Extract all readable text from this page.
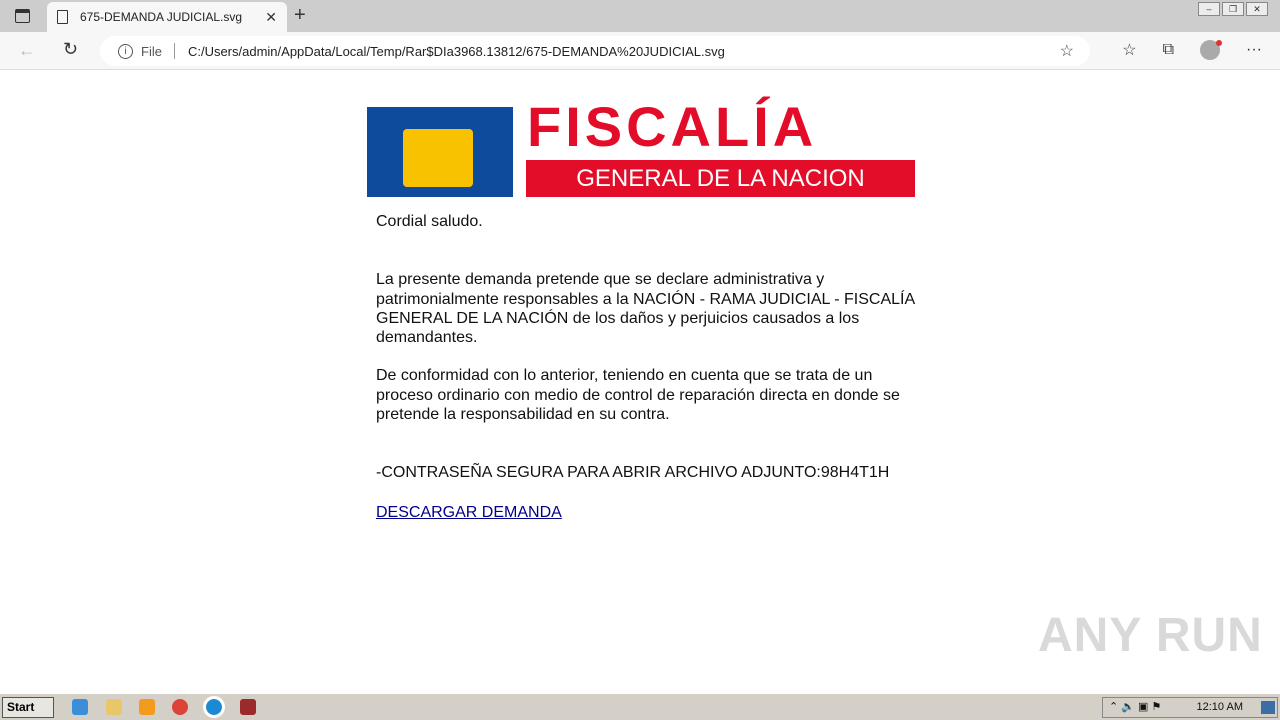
675-DEMANDA JUDICIAL.svg ✕ +	–	❐	✕
← ↻	i	File C:/Users/admin/AppData/Local/Temp/Rar$DIa3968.13812/675-DEMANDA%20JUDICIAL.svg	☆	☆ ⧉	···
FISCALÍA
GENERAL DE LA NACION

Cordial saludo.

La presente demanda pretende que se declare administrativa y patrimonialmente responsables a la NACIÓN - RAMA JUDICIAL - FISCALÍA GENERAL DE LA NACIÓN de los daños y perjuicios causados a los demandantes.

De conformidad con lo anterior, teniendo en cuenta que se trata de un proceso ordinario con medio de control de reparación directa en donde se pretende la responsabilidad en su contra.

-CONTRASEÑA SEGURA PARA ABRIR ARCHIVO ADJUNTO:98H4T1H

DESCARGAR DEMANDA

ANY RUN
Start	⌃ 🔈 ▣ ⚑	12:10 AM
